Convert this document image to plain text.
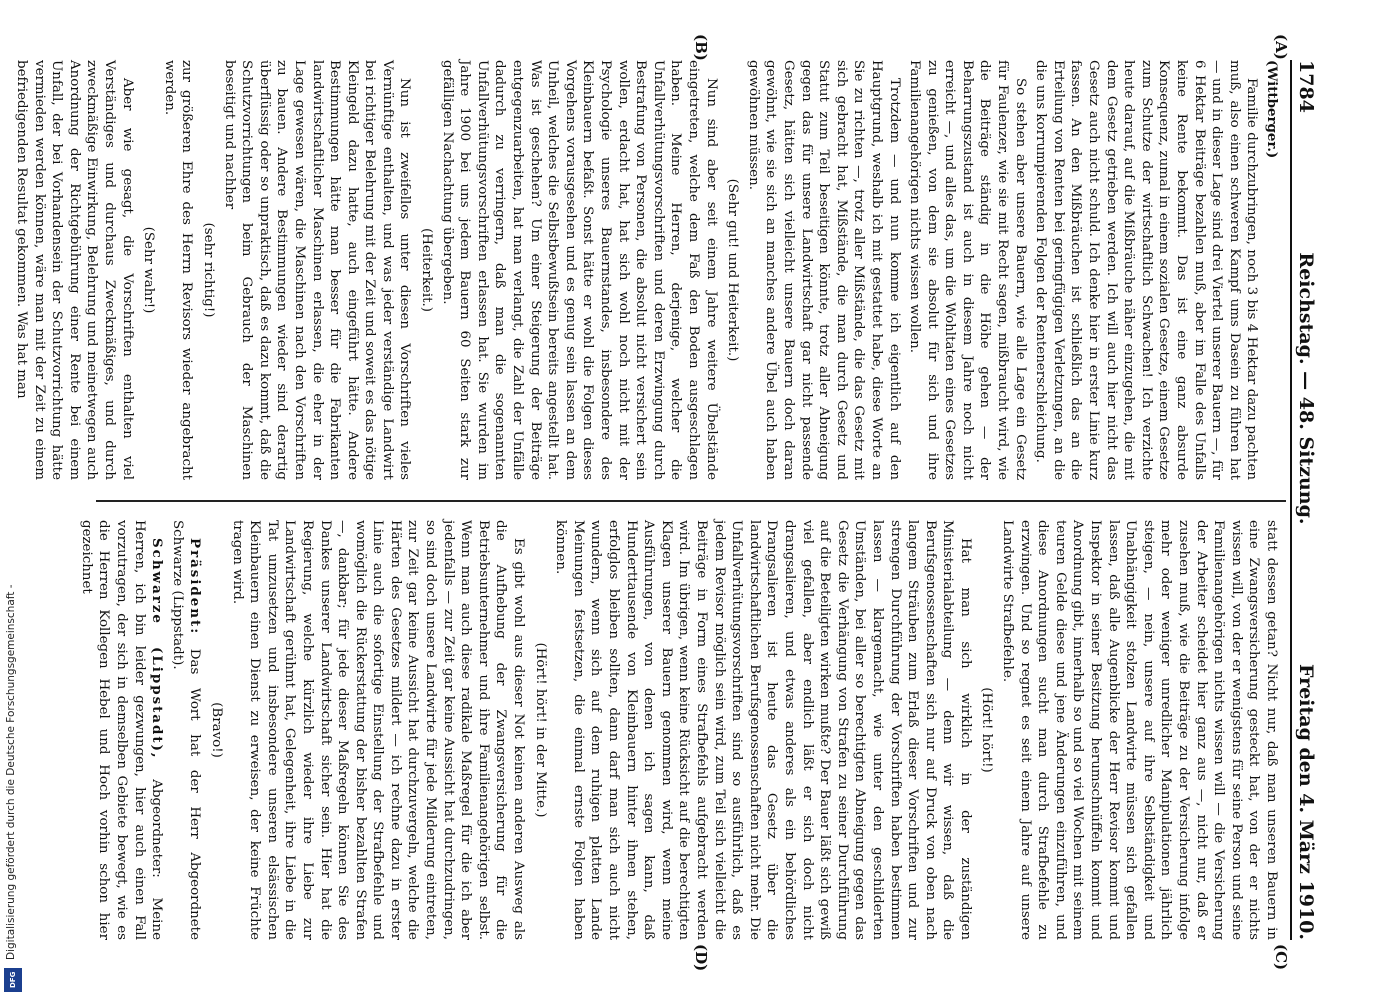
Digitalisierung gefördert durch die Deutsche Forschungsgemeinschaft -
DFG
1784
Reichstag. — 48. Sitzung.
Freitag den 4. März 1910.
(A)
(B)
(C)
(D)

(Wittberger.)

Familie durchzubringen, noch 3 bis 4 Hektar dazu pachten muß, also einen schweren Kampf ums Dasein zu führen hat — und in dieser Lage sind drei Viertel unserer Bauern —, für 6 Hektar Beiträge bezahlen muß, aber im Falle des Unfalls keine Rente bekommt. Das ist eine ganz absurde Konsequenz, zumal in einem sozialen Gesetze, einem Gesetze zum Schutze der wirtschaftlich Schwachen! Ich verzichte heute darauf, auf die Mißbräuche näher einzugehen, die mit dem Gesetz getrieben werden. Ich will auch hier nicht das Gesetz auch nicht schuld. Ich denke hier in erster Linie kurz fassen. An den Mißbräuchen ist schließlich das an die Erteilung von Renten bei geringfügigen Verletzungen, an die die uns korrumpierenden Folgen der Rentenerschleichung.

So stehen aber unsere Bauern, wie alle Lage ein Gesetz für Faulenzer, wie sie mit Recht sagen, mißbraucht wird, wie die Beiträge ständig in die Höhe gehen — der Beharrungszustand ist auch in diesem Jahre noch nicht erreicht —, und alles das, um die Wohltaten eines Gesetzes zu genießen, von dem sie absolut für sich und ihre Familienangehörigen nichts wissen wollen.

Trotzdem — und nun komme ich eigentlich auf den Hauptgrund, weshalb ich mit gestattet habe, diese Worte an Sie zu richten —, trotz aller Mißstände, die das Gesetz mit sich gebracht hat, Mißstände, die man durch Gesetz und Statut zum Teil beseitigen könnte, trotz aller Abneigung gegen das für unsere Landwirtschaft gar nicht passende Gesetz, hätten sich vielleicht unsere Bauern doch daran gewöhnt, wie sie sich an manches andere Übel auch haben gewöhnen müssen.

(Sehr gut! und Heiterkeit.)

Nun sind aber seit einem Jahre weitere Übelstände eingetreten, welche dem Faß den Boden ausgeschlagen haben. Meine Herren, derjenige, welcher die Unfallverhütungsvorschriften und deren Erzwingung durch Bestrafung von Personen, die absolut nicht versichert sein wollen, erdacht hat, hat sich wohl noch nicht mit der Psychologie unseres Bauernstandes, insbesondere des Kleinbauern befaßt. Sonst hätte er wohl die Folgen dieses Vorgehens vorausgesehen und es genug sein lassen an dem Unheil, welches die Selbstbewußtsein bereits angestellt hat. Was ist geschehen? Um einer Steigerung der Beiträge entgegenzuarbeiten, hat man verlangt, die Zahl der Unfälle dadurch zu verringern, daß man die sogenannten Unfallverhütungsvorschriften erlassen hat. Sie wurden im Jahre 1900 bei uns jedem Bauern 60 Seiten stark zur gefälligen Nachachtung übergeben.

(Heiterkeit.)

Nun ist zweifellos unter diesen Vorschriften vieles Vernünftige enthalten, und was jeder verständige Landwirt bei richtiger Belehrung mit der Zeit und soweit es das nötige Kleingeld dazu hatte, auch eingeführt hätte. Andere Bestimmungen hätte man besser für die Fabrikanten landwirtschaftlicher Maschinen erlassen, die eher in der Lage gewesen wären, die Maschinen nach den Vorschriften zu bauen. Andere Bestimmungen wieder sind derartig überflüssig oder so unpraktisch, daß es dazu kommt, daß die Schutzvorrichtungen beim Gebrauch der Maschinen beseitigt und nachher

(sehr richtig!)

zur größeren Ehre des Herrn Revisors wieder angebracht werden.

(Sehr wahr!)

Aber wie gesagt, die Vorschriften enthalten viel Verständiges und durchaus Zweckmäßiges, und durch zweckmäßige Einwirkung, Belehrung und meinetwegen auch Anordnung der Richtgebührung einer Rente bei einem Unfall, der bei Vorhandensein der Schutzvorrichtung hätte vermieden werden können, wäre man mit der Zeit zu einem befriedigenden Resultat gekommen. Was hat man

statt dessen getan? Nicht nur, daß man unseren Bauern in eine Zwangsversicherung gesteckt hat, von der er nichts wissen will, von der er wenigstens für seine Person und seine Familienangehörigen nichts wissen will — die Versicherung der Arbeiter scheidet hier ganz aus —, nicht nur, daß er zusehen muß, wie die Beiträge zu der Versicherung infolge mehr oder weniger unredlicher Manipulationen jährlich steigen, — nein, unsere auf ihre Selbständigkeit und Unabhängigkeit stolzen Landwirte müssen sich gefallen lassen, daß alle Augenblicke der Herr Revisor kommt und Inspektor in seiner Besitzung herumschnüffeln kommt und Anordnung gibt, innerhalb so und so viel Wochen mit seinem teuren Gelde diese und jene Änderungen einzuführen, und diese Anordnungen sucht man durch Strafbefehle zu erzwingen. Und so regnet es seit einem Jahre auf unsere Landwirte Strafbefehle.

(Hört! hört!)

Hat man sich wirklich in der zuständigen Ministerialabteilung — denn wir wissen, daß die Berufsgenossenschaften sich nur auf Druck von oben nach langem Sträuben zum Erlaß dieser Vorschriften und zur strengen Durchführung der Vorschriften haben bestimmen lassen — klargemacht, wie unter den geschilderten Umständen, bei aller so berechtigten Abneigung gegen das Gesetz die Verhängung von Strafen zu seiner Durchführung auf die Beteiligten wirken mußte? Der Bauer läßt sich gewiß viel gefallen, aber endlich läßt er sich doch nicht drangsalieren, und etwas anderes als ein behördliches Drangsalieren ist heute das Gesetz über die landwirtschaftlichen Berufsgenossenschaften nicht mehr. Die Unfallverhütungsvorschriften sind so ausführlich, daß es jedem Revisor möglich sein wird, zum Teil sich vielleicht die Beiträge in Form eines Strafbefehls aufgebracht werden wird. Im übrigen, wenn keine Rücksicht auf die berechtigten Klagen unserer Bauern genommen wird, wenn meine Ausführungen, von denen ich sagen kann, daß Hunderttausende von Kleinbauern hinter ihnen stehen, erfolglos bleiben sollten, dann darf man sich auch nicht wundern, wenn sich auf dem ruhigen platten Lande Meinungen festsetzen, die einmal ernste Folgen haben können.

(Hört! hört! in der Mitte.)

Es gibt wohl aus dieser Not keinen anderen Ausweg als die Aufhebung der Zwangsversicherung für die Betriebsunternehmer und ihre Familienangehörigen selbst. Wenn man auch diese radikale Maßregel für die ich aber jedenfalls — zur Zeit gar keine Aussicht hat durchzudringen, so sind doch unsere Landwirte für jede Milderung eintreten, zur Zeit gar keine Aussicht hat durchzuvergeln, welche die Härten des Gesetzes mildert — ich rechne dazu in erster Linie auch die sofortige Einstellung der Strafbefehle und womöglich die Rückerstattung der bisher bezahlten Strafen —, dankbar; für jede dieser Maßregeln können Sie des Dankes unserer Landwirtschaft sicher sein. Hier hat die Regierung, welche kürzlich wieder ihre Liebe zur Landwirtschaft gerühmt hat, Gelegenheit, ihre Liebe in die Tat umzusetzen und insbesondere unseren elsässischen Kleinbauern einen Dienst zu erweisen, der keine Früchte tragen wird.

(Bravo!)

Präsident: Das Wort hat der Herr Abgeordnete Schwarze (Lippstadt).

Schwarze (Lippstadt), Abgeordneter: Meine Herren, ich bin leider gezwungen, hier auch einen Fall vorzutragen, der sich in demselben Gebiete bewegt, wie es die Herren Kollegen Hebel und Hoch vorhin schon hier gezeichnet
